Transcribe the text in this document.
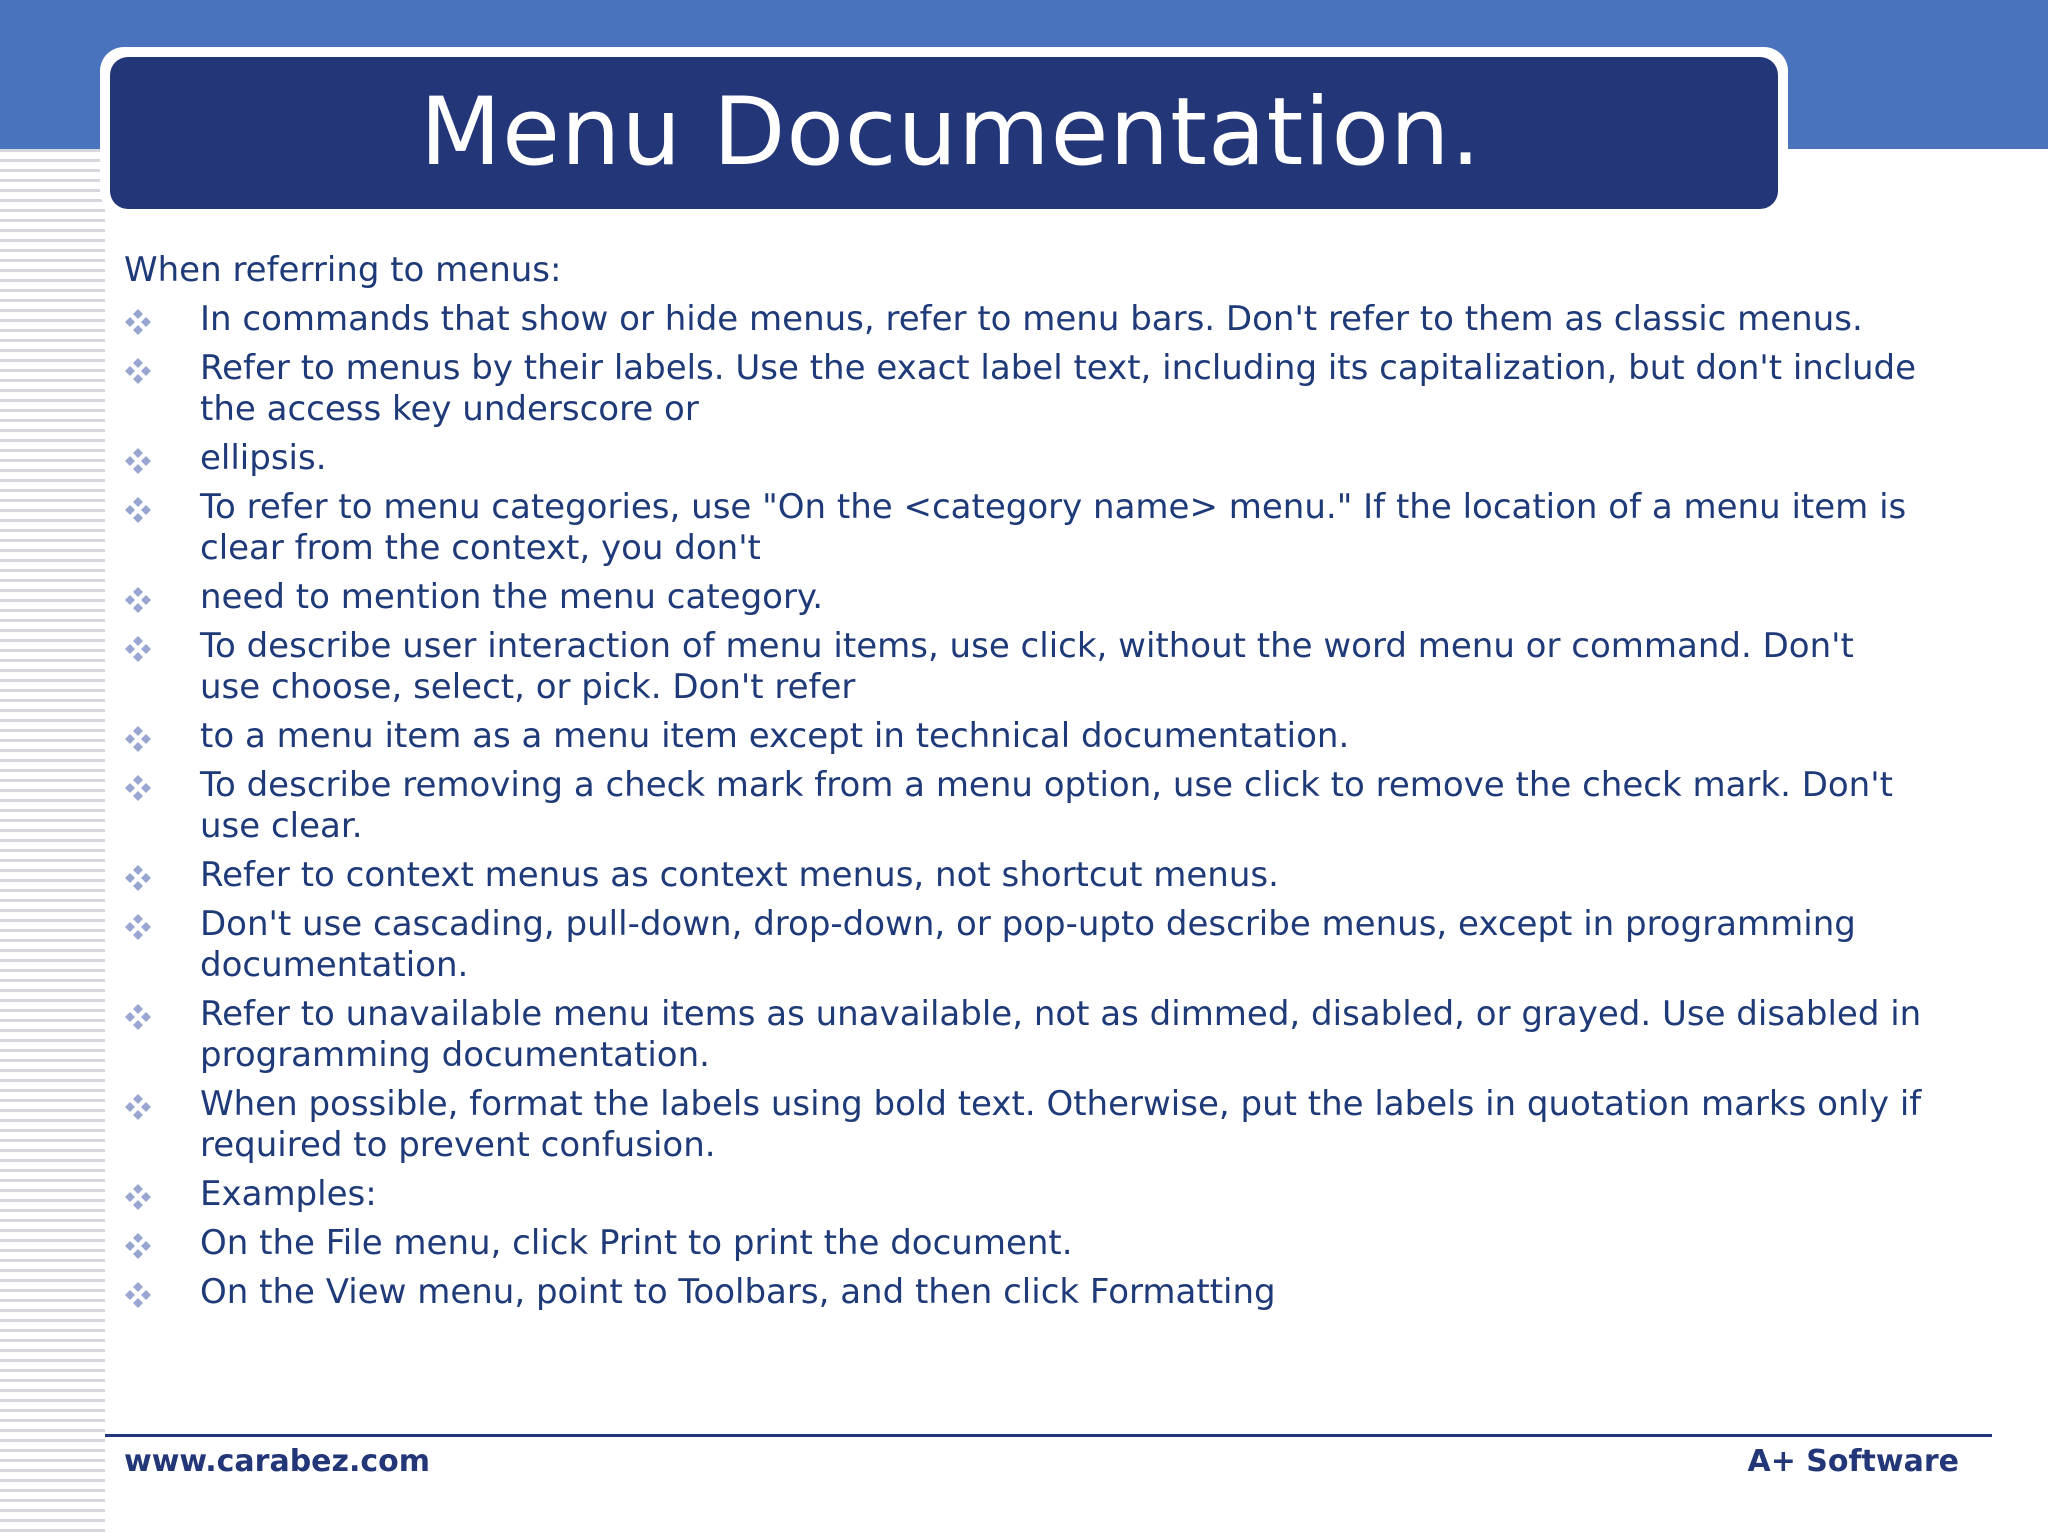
Menu Documentation.
When referring to menus:
In commands that show or hide menus, refer to menu bars. Don't refer to them as classic menus.
Refer to menus by their labels. Use the exact label text, including its capitalization, but don't include the access key underscore or
ellipsis.
To refer to menu categories, use "On the <category name> menu." If the location of a menu item is clear from the context, you don't
need to mention the menu category.
To describe user interaction of menu items, use click, without the word menu or command. Don't use choose, select, or pick. Don't refer
to a menu item as a menu item except in technical documentation.
To describe removing a check mark from a menu option, use click to remove the check mark. Don't use clear.
Refer to context menus as context menus, not shortcut menus.
Don't use cascading, pull-down, drop-down, or pop-upto describe menus, except in programming documentation.
Refer to unavailable menu items as unavailable, not as dimmed, disabled, or grayed. Use disabled in programming documentation.
When possible, format the labels using bold text. Otherwise, put the labels in quotation marks only if required to prevent confusion.
Examples:
On the File menu, click Print to print the document.
On the View menu, point to Toolbars, and then click Formatting
www.carabez.com	A+ Software
